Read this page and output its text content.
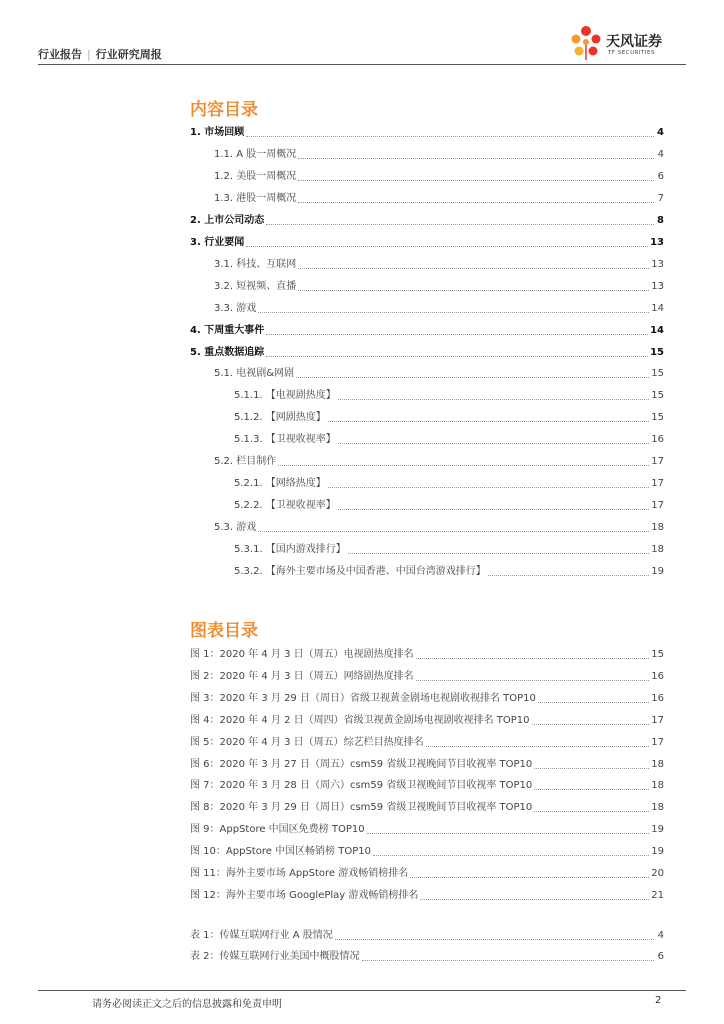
行业报告 | 行业研究周报
天风证券
TF SECURITIES
内容目录
图表目录
1. 市场回顾	4
1.1. A 股一周概况	4
1.2. 美股一周概况	6
1.3. 港股一周概况	7
2. 上市公司动态	8
3. 行业要闻	13
3.1. 科技、互联网	13
3.2. 短视频、直播	13
3.3. 游戏	14
4. 下周重大事件	14
5. 重点数据追踪	15
5.1. 电视剧&网剧	15
5.1.1. 【电视剧热度】	15
5.1.2. 【网剧热度】	15
5.1.3. 【卫视收视率】	16
5.2. 栏目制作	17
5.2.1. 【网络热度】	17
5.2.2. 【卫视收视率】	17
5.3. 游戏	18
5.3.1. 【国内游戏排行】	18
5.3.2. 【海外主要市场及中国香港、中国台湾游戏排行】	19
图 1：2020 年 4 月 3 日（周五）电视剧热度排名	15
图 2：2020 年 4 月 3 日（周五）网络剧热度排名	16
图 3：2020 年 3 月 29 日（周日）省级卫视黄金剧场电视剧收视排名 TOP10	16
图 4：2020 年 4 月 2 日（周四）省级卫视黄金剧场电视剧收视排名 TOP10	17
图 5：2020 年 4 月 3 日（周五）综艺栏目热度排名	17
图 6：2020 年 3 月 27 日（周五）csm59 省级卫视晚间节目收视率 TOP10	18
图 7：2020 年 3 月 28 日（周六）csm59 省级卫视晚间节目收视率 TOP10	18
图 8：2020 年 3 月 29 日（周日）csm59 省级卫视晚间节目收视率 TOP10	18
图 9：AppStore 中国区免费榜 TOP10	19
图 10：AppStore 中国区畅销榜 TOP10	19
图 11：海外主要市场 AppStore 游戏畅销榜排名	20
图 12：海外主要市场 GooglePlay 游戏畅销榜排名	21
表 1：传媒互联网行业 A 股情况	4
表 2：传媒互联网行业美国中概股情况	6
请务必阅读正文之后的信息披露和免责申明	2
